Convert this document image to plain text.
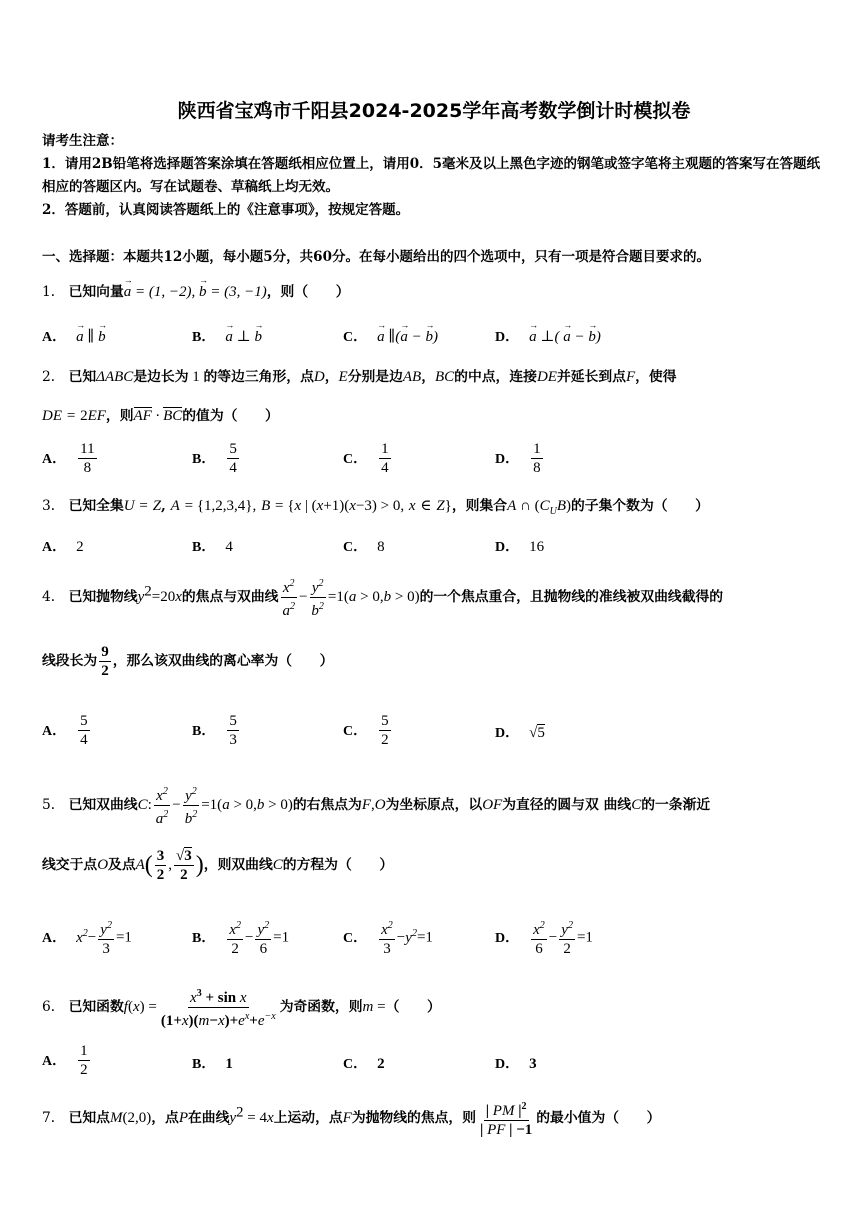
陕西省宝鸡市千阳县2024-2025学年高考数学倒计时模拟卷
请考生注意：
1．请用2B铅笔将选择题答案涂填在答题纸相应位置上，请用0．5毫米及以上黑色字迹的钢笔或签字笔将主观题的答案写在答题纸相应的答题区内。写在试题卷、草稿纸上均无效。
2．答题前，认真阅读答题纸上的《注意事项》，按规定答题。
一、选择题：本题共12小题，每小题5分，共60分。在每小题给出的四个选项中，只有一项是符合题目要求的。
1． 已知向量→ a = (1, −2), → b = (3, −1)，则（　　）
A． → a ∥ → b	B． → a ⊥ → b	C． → a ∥(→ a − → b)	D． → a ⊥( → a − → b)
2． 已知ΔABC是边长为 1 的等边三角形，点D，E分别是边AB，BC的中点，连接DE并延长到点F，使得
DE = 2EF，则AF · BC的值为（　　）
A． $\frac{11}{8}$	B． $\frac{5}{4}$	C． $\frac{1}{4}$	D． $\frac{1}{8}$
3． 已知全集U = Z, A = {1,2,3,4}, B = {x | (x+1)(x−3) > 0, x ∈ Z}，则集合A ∩ $(C_UB)$的子集个数为（　　）
A． 2	B． 4	C． 8	D． 16
4． 已知抛物线$y^2=20x$的焦点与双曲线 $\frac{x^2}{a^2} - \frac{y^2}{b^2} =1(a > 0,b > 0)$的一个焦点重合，且抛物线的准线被双曲线截得的
线段长为 $\frac{9}{2}$ ，那么该双曲线的离心率为（　　）
A． $\frac{5}{4}$	B． $\frac{5}{3}$	C． $\frac{5}{2}$	D． √5
5． 已知双曲线C: $\frac{x^2}{a^2} - \frac{y^2}{b^2} =1(a > 0,b > 0)$的右焦点为F,O为坐标原点，以OF为直径的圆与双 曲线C的一条渐近
线交于点O及点$A( \frac{3}{2}$ , $\frac{√3}{2}$ )，则双曲线C的方程为（　　）
A． $x^2- \frac{y^2}{3} =1$	B． $\frac{x^2}{2} - \frac{y^2}{6} =1$	C． $\frac{x^2}{3} -y^2=1$	D． $\frac{x^2}{6} - \frac{y^2}{2} =1$
6． 已知函数$f(x) = \frac{x^3 + \sin x}{(1+x)(m-x)+e^x+e^{-x}}$ 为奇函数，则m =（　　）
A． $\frac{1}{2}$	B． 1	C． 2	D． 3
7． 已知点M(2,0)，点P在曲线$y^2 = 4x$上运动，点F为抛物线的焦点，则 $\frac{| PM |^2}{| PF | -1}$ 的最小值为（　　）
